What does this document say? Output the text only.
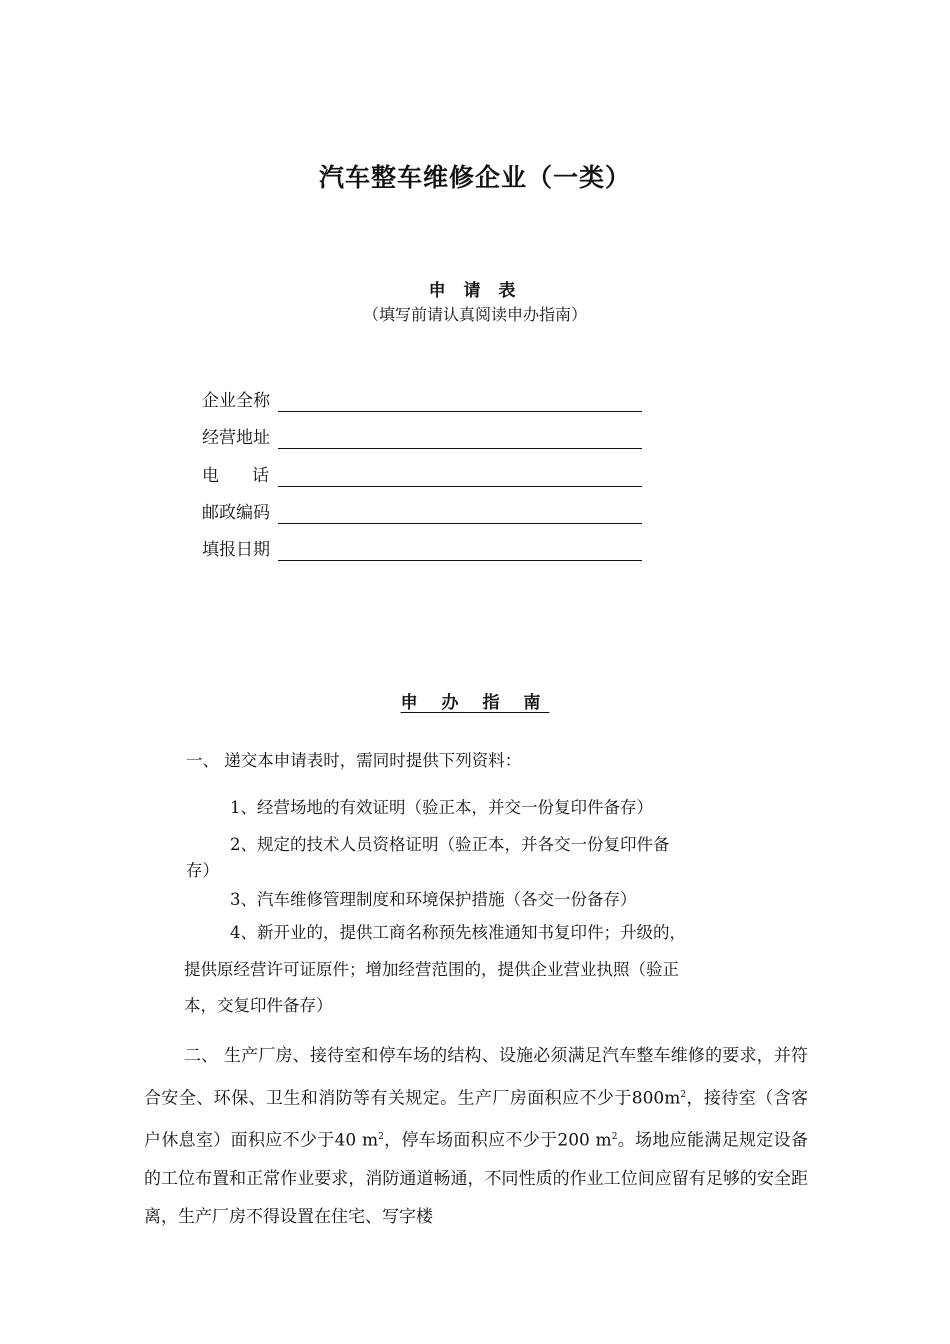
汽车整车维修企业（一类）
申 请 表
（填写前请认真阅读申办指南）
企业全称
经营地址
电话
邮政编码
填报日期
申 办 指 南
一、 递交本申请表时，需同时提供下列资料：
1、经营场地的有效证明（验正本，并交一份复印件备存）
2、规定的技术人员资格证明（验正本，并各交一份复印件备
存）
3、汽车维修管理制度和环境保护措施（各交一份备存）
4、新开业的，提供工商名称预先核准通知书复印件；升级的，
提供原经营许可证原件；增加经营范围的，提供企业营业执照（验正
本，交复印件备存）
二、 生产厂房、接待室和停车场的结构、设施必须满足汽车整车维修的要求，并符合安全、环保、卫生和消防等有关规定。生产厂房面积应不少于$800m^2$，接待室（含客户休息室）面积应不少于40 $m^2$，停车场面积应不少于200 $m^2$。场地应能满足规定设备的工位布置和正常作业要求，消防通道畅通，不同性质的作业工位间应留有足够的安全距离，生产厂房不得设置在住宅、写字楼
